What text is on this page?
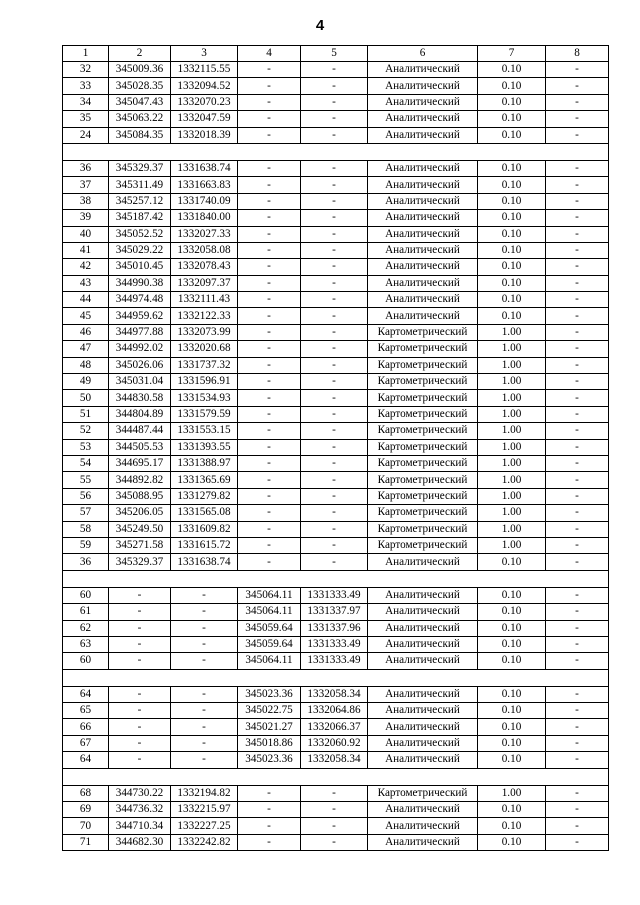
4
1	2	3	4	5	6	7	8
32	345009.36	1332115.55	-	-	Аналитический	0.10	-
33	345028.35	1332094.52	-	-	Аналитический	0.10	-
34	345047.43	1332070.23	-	-	Аналитический	0.10	-
35	345063.22	1332047.59	-	-	Аналитический	0.10	-
24	345084.35	1332018.39	-	-	Аналитический	0.10	-

36	345329.37	1331638.74	-	-	Аналитический	0.10	-
37	345311.49	1331663.83	-	-	Аналитический	0.10	-
38	345257.12	1331740.09	-	-	Аналитический	0.10	-
39	345187.42	1331840.00	-	-	Аналитический	0.10	-
40	345052.52	1332027.33	-	-	Аналитический	0.10	-
41	345029.22	1332058.08	-	-	Аналитический	0.10	-
42	345010.45	1332078.43	-	-	Аналитический	0.10	-
43	344990.38	1332097.37	-	-	Аналитический	0.10	-
44	344974.48	1332111.43	-	-	Аналитический	0.10	-
45	344959.62	1332122.33	-	-	Аналитический	0.10	-
46	344977.88	1332073.99	-	-	Картометрический	1.00	-
47	344992.02	1332020.68	-	-	Картометрический	1.00	-
48	345026.06	1331737.32	-	-	Картометрический	1.00	-
49	345031.04	1331596.91	-	-	Картометрический	1.00	-
50	344830.58	1331534.93	-	-	Картометрический	1.00	-
51	344804.89	1331579.59	-	-	Картометрический	1.00	-
52	344487.44	1331553.15	-	-	Картометрический	1.00	-
53	344505.53	1331393.55	-	-	Картометрический	1.00	-
54	344695.17	1331388.97	-	-	Картометрический	1.00	-
55	344892.82	1331365.69	-	-	Картометрический	1.00	-
56	345088.95	1331279.82	-	-	Картометрический	1.00	-
57	345206.05	1331565.08	-	-	Картометрический	1.00	-
58	345249.50	1331609.82	-	-	Картометрический	1.00	-
59	345271.58	1331615.72	-	-	Картометрический	1.00	-
36	345329.37	1331638.74	-	-	Аналитический	0.10	-

60	-	-	345064.11	1331333.49	Аналитический	0.10	-
61	-	-	345064.11	1331337.97	Аналитический	0.10	-
62	-	-	345059.64	1331337.96	Аналитический	0.10	-
63	-	-	345059.64	1331333.49	Аналитический	0.10	-
60	-	-	345064.11	1331333.49	Аналитический	0.10	-

64	-	-	345023.36	1332058.34	Аналитический	0.10	-
65	-	-	345022.75	1332064.86	Аналитический	0.10	-
66	-	-	345021.27	1332066.37	Аналитический	0.10	-
67	-	-	345018.86	1332060.92	Аналитический	0.10	-
64	-	-	345023.36	1332058.34	Аналитический	0.10	-

68	344730.22	1332194.82	-	-	Картометрический	1.00	-
69	344736.32	1332215.97	-	-	Аналитический	0.10	-
70	344710.34	1332227.25	-	-	Аналитический	0.10	-
71	344682.30	1332242.82	-	-	Аналитический	0.10	-
